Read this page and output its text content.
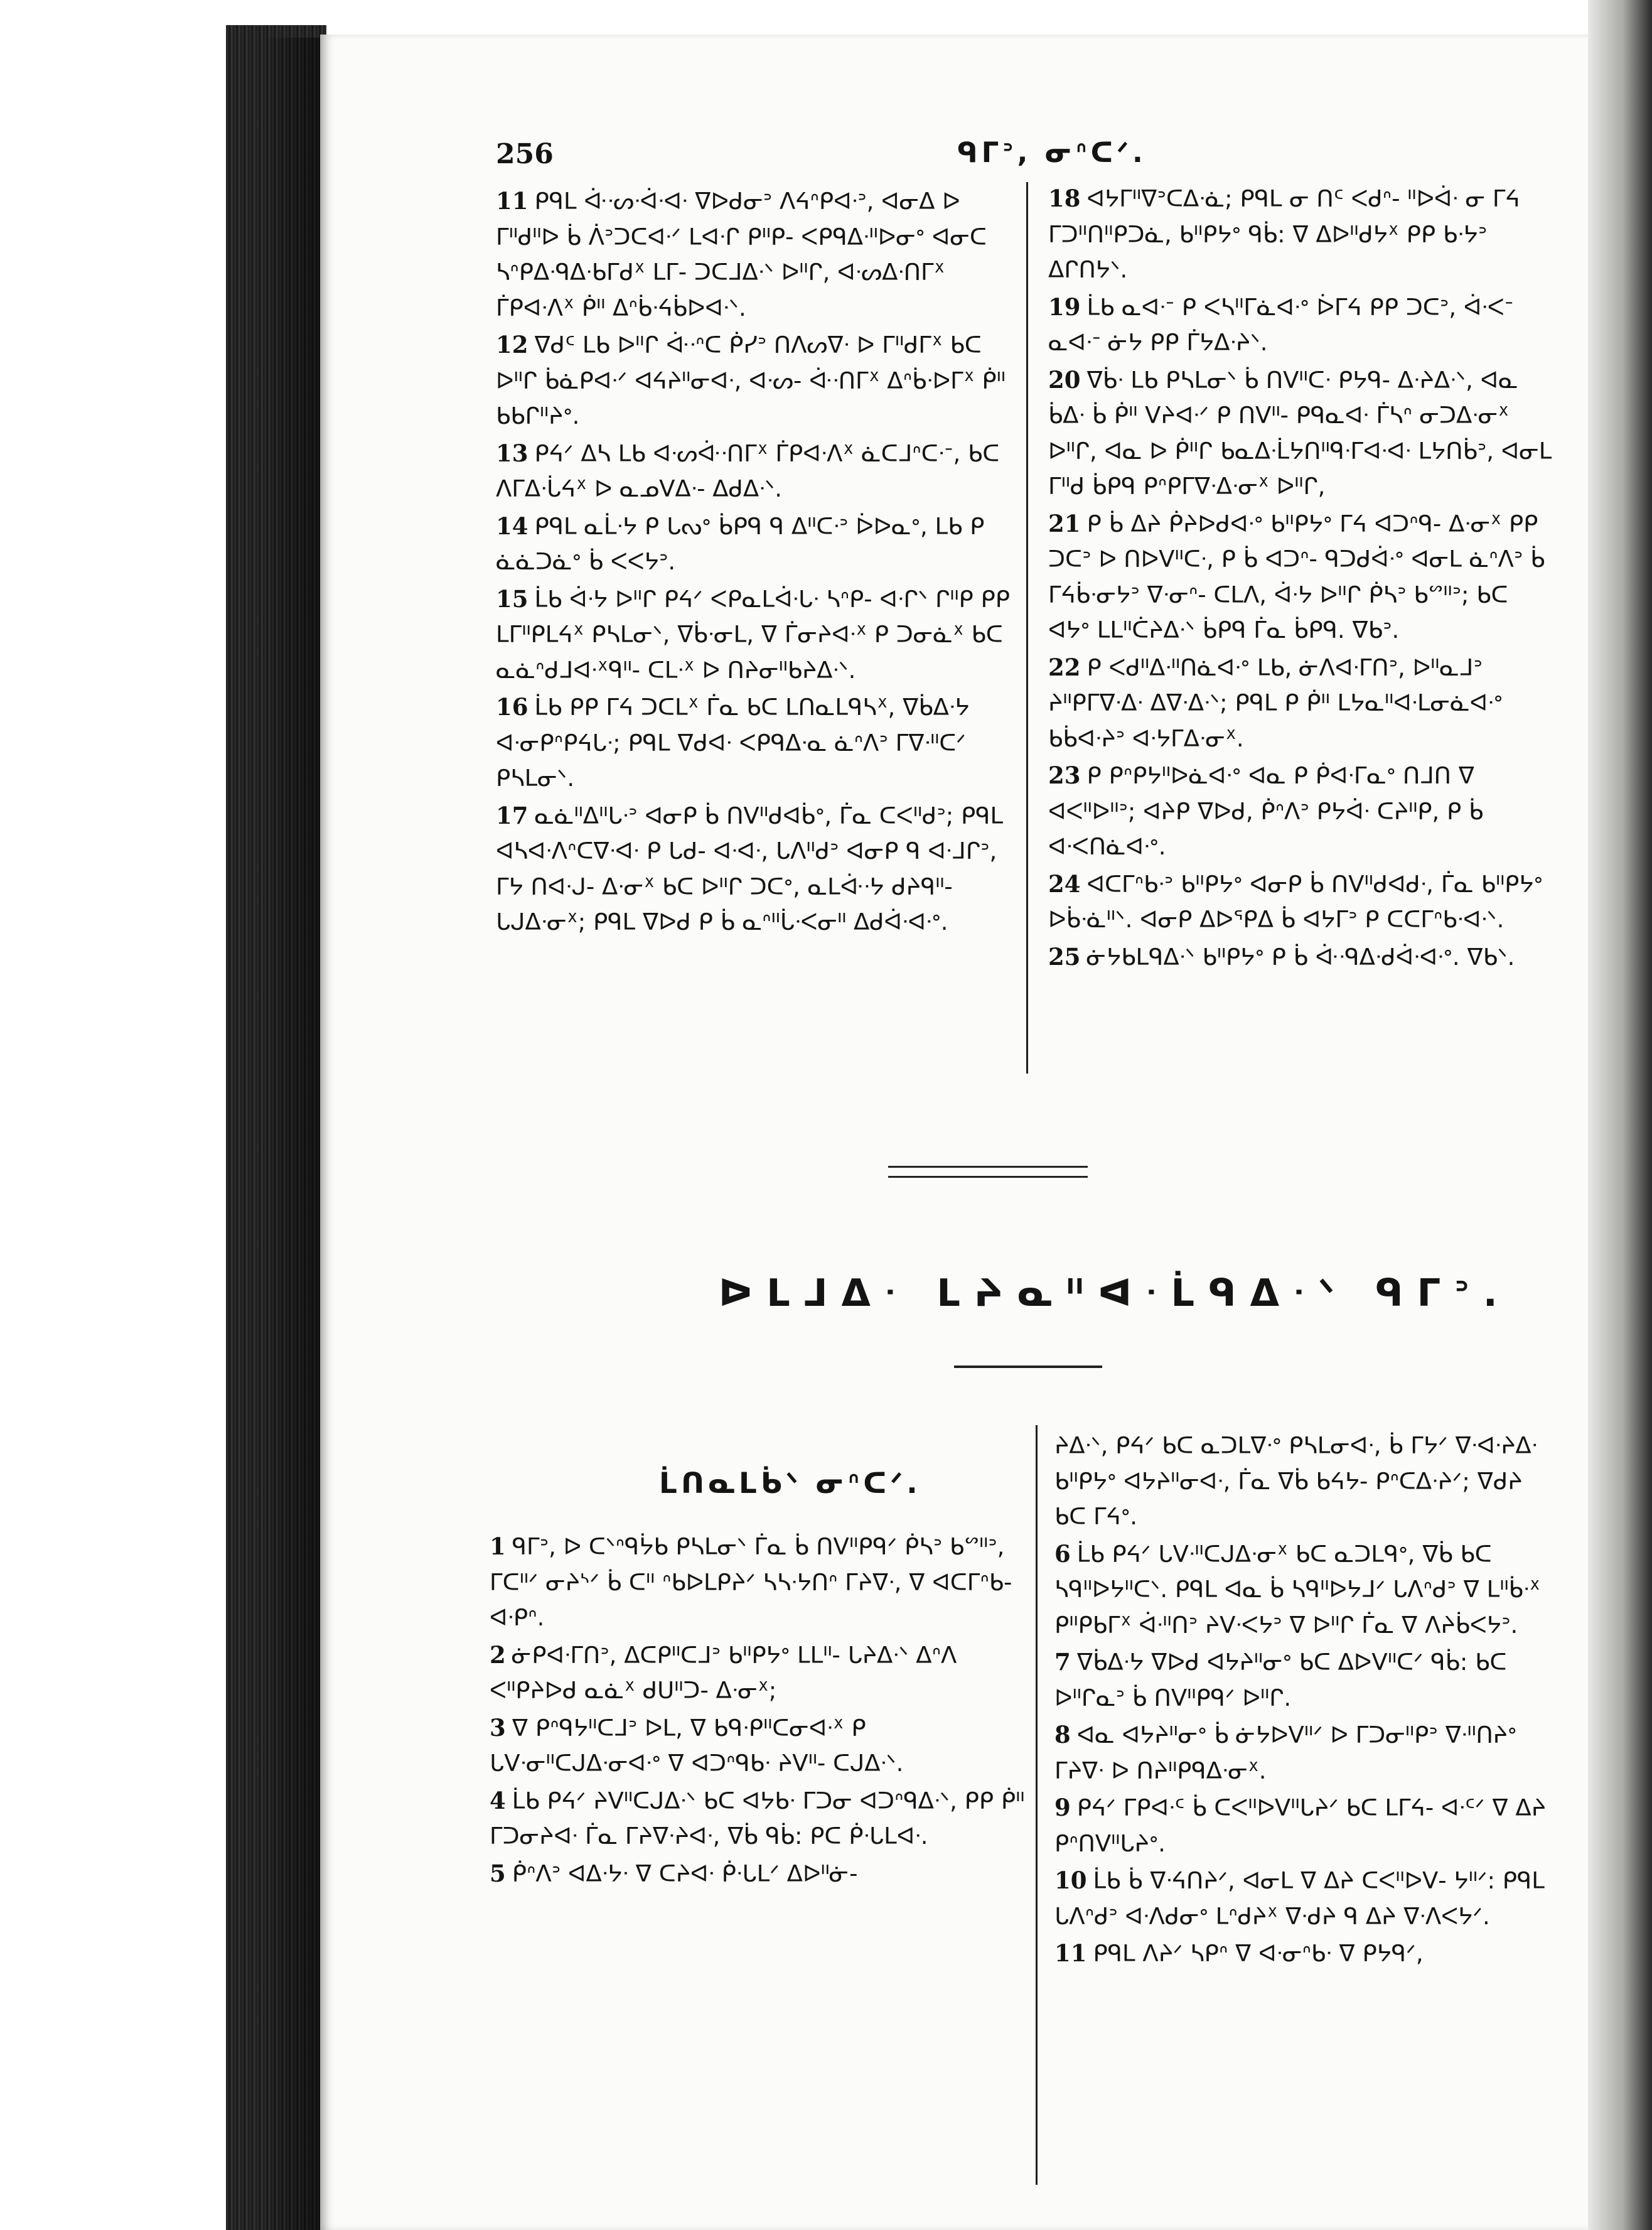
256	ᑫᒥᐣ, ᓂᐢᑕᐟ.

11 ᑭᑫᒪ ᐚᐧᔕᐧᐋᐧᐊᐧ ᐁᐅᑯᓂᐣ ᐱᔦᐢᑭᐊᐧᐣ, ᐊᓂᐃ ᐅ ᒥᐦᑯᐦᐅ ᑳ ᐲᐣᑐᑕᐊᐧᐟ ᒪᐊᐧᒋ ᑭᐦᑭ- ᐸᑭᑫᐃᐧᐦᐅᓂᐤ ᐊᓂᑕ ᓴᐢᑭᐃᐧᑫᐃᐧᑲᒥᑯᕽ ᒪᒥ- ᑐᑕᒧᐃᐧᐠ ᐅᐦᒋ, ᐊᐧᔕᐃᐧᑎᒥᕽ ᒦᑭᐊᐧᐱᕽ ᑮᐦ ᐃᐢᑳᐧᔦᑳᐅᐊᐧᐠ.

12 ᐁᑯᑦ ᒪᑲ ᐅᐦᒋ ᐚᐧᐢᑕ ᑮᓯᐣ ᑎᐱᔕᐁᐧ ᐅ ᒥᐦᑯᒥᕽ ᑲᑕ ᐅᐦᒋ ᑳᓈᑭᐊᐧᐟ ᐊᔦᔨᐦᓂᐊᐧ, ᐊᐧᔕ- ᐚᐧᑎᒥᕽ ᐃᐢᑳᐧᐅᒥᕽ ᑮᐦ ᑲᑲᒋᐦᔨᐤ.

13 ᑭᔦᐟ ᐃᓴ ᒪᑲ ᐊᐧᔕᐚᐧᑎᒥᕽ ᒦᑭᐊᐧᐱᕽ ᓈᑕᒧᐢᑕᐧᐨ, ᑲᑕ ᐱᒥᐃᐧᒑᔦᕽ ᐅ ᓇᓄᐯᐃᐧ- ᐃᑯᐃᐧᐠ.

14 ᑭᑫᒪ ᓇᒫᐧᔭ ᑭ ᒐᔓᐤ ᑳᑭᑫ ᑫ ᐃᐦᑕᐧᐣ ᐆᐅᓇᐤ, ᒪᑲ ᑭ ᓈᓈᑐᓈᐤ ᑳ ᐸᐸᔭᐣ.

15 ᒫᑲ ᐋᐧᔭ ᐅᐦᒋ ᑭᔦᐟ ᐸᑭᓇᒪᐋᐧᒐᐧ ᓴᐢᑭ- ᐊᐧᒋᐠ ᒋᐦᑭ ᑭᑭ ᒪᒥᐦᑭᒪᔦᕽ ᑭᓴᒪᓂᐠ, ᐁᑳᐧᓂᒪ, ᐁ ᒦᓂᔨᐊᐧᕽ ᑭ ᑐᓂᓈᕽ ᑲᑕ ᓇᓈᐢᑯᒧᐊᐧᕽᑫᐦ- ᑕᒪᐧᕽ ᐅ ᑎᔨᓂᐦᑲᔨᐃᐧᐠ.

16 ᒫᑲ ᑭᑭ ᒥᔦ ᑐᑕᒪᕽ ᒦᓇ ᑲᑕ ᒪᑎᓇᒪᑫᓴᕽ, ᐁᑳᐃᐧᔭ ᐊᐧᓂᑭᐢᑭᔦᒐᐧ; ᑭᑫᒪ ᐁᑯᐊᐧ ᐸᑭᑫᐃᐧᓇ ᓈᐢᐱᐣ ᒥᐁᐧᐦᑕᐟ ᑭᓴᒪᓂᐠ.

17 ᓇᓈᐦᐃᐦᒐᐧᐣ ᐊᓂᑭ ᑳ ᑎᐯᐦᑯᐊᑳᐤ, ᒦᓇ ᑕᐸᐦᑯᐣ; ᑭᑫᒪ ᐊᓴᐊᐧᐱᐢᑕᐁᐧᐊᐧ ᑭ ᒐᑯ- ᐊᐧᐊᐧ, ᒐᐱᐦᑯᐣ ᐊᓂᑭ ᑫ ᐊᐧᒧᒋᐣ, ᒥᔭ ᑎᐊᐧᒍ- ᐃᐧᓂᕽ ᑲᑕ ᐅᐦᒋ ᑐᑕᐤ, ᓇᒪᐚᐧᔭ ᑯᔨᑫᐦ- ᒐᒍᐃᐧᓂᕽ; ᑭᑫᒪ ᐁᐅᑯ ᑭ ᑳ ᓇᐢᐦᒑᐧᐸᓂᐦ ᐃᑯᐋᐧᐊᐧᐤ.

18 ᐊᔭᒥᐦᐁᐣᑕᐃᐧᓈ; ᑭᑫᒪ ᓂ ᑎᑦ ᐸᑯᐢ- ᐦᐅᐋᐧ ᓂ ᒥᔦ ᒥᑐᐦᑎᐦᑭᑐᓈ, ᑲᐦᑭᔭᐤ ᑫᑳ: ᐁ ᐃᐅᐦᑯᔭᕽ ᑭᑭ ᑲᐧᔭᐣ ᐃᒋᑎᔭᐠ.

19 ᒫᑲ ᓇᐊᐧᐨ ᑭ ᐸᓴᐦᒥᓈᐊᐧᐤ ᐆᒥᔦ ᑭᑭ ᑐᑕᐣ, ᐋᐧᐸᐨ ᓇᐊᐧᐨ ᓃᔭ ᑭᑭ ᒦᔭᐃᐧᔨᐠ.

20 ᐁᑳᐧ ᒪᑲ ᑭᓴᒪᓂᐠ ᑳ ᑎᐯᐦᑕᐧ ᑭᔭᑫ- ᐃᐧᔨᐃᐧᐠ, ᐊᓇ ᑳᐃᐧ ᑳ ᑮᐦ ᐯᔨᐊᐧᐟ ᑭ ᑎᐯᐦ- ᑭᑫᓇᐊᐧ ᒦᓴᐢ ᓂᑐᐃᐧᓂᕽ ᐅᐦᒋ, ᐊᓇ ᐅ ᑮᐦᒋ ᑲᓇᐃᐧᒫᔭᑎᐦᑫᐧᒥᐊᐧᐊᐧ ᒪᔭᑎᑳᐣ, ᐊᓂᒪ ᒥᐦᑯ ᑳᑭᑫ ᑭᐢᑭᒥᐁᐧᐃᐧᓂᕽ ᐅᐦᒋ,

21 ᑭ ᑳ ᐃᔨ ᑮᔨᐅᑯᐊᐧᐤ ᑲᐦᑭᔭᐤ ᒥᔦ ᐊᑐᐢᑫ- ᐃᐧᓂᕽ ᑭᑭ ᑐᑕᐣ ᐅ ᑎᐅᐯᐦᑕᐧ, ᑭ ᑳ ᐊᑐᐢ- ᑫᑐᑯᐋᐧᐤ ᐊᓂᒪ ᓈᐢᐱᐣ ᑳ ᒥᔦᑳᐧᓂᔭᐣ ᐁᐧᓂᐢ- ᑕᒪᐱ, ᐋᐧᔭ ᐅᐦᒋ ᑮᓴᐣ ᑲᔥᐦᐣ; ᑲᑕ ᐊᔭᐤ ᒪᒪᐦᑖᔨᐃᐧᐠ ᑳᑭᑫ ᒦᓇ ᑳᑭᑫ. ᐁᑲᐣ.

22 ᑭ ᐸᑯᐦᐃᐧᐦᑎᓈᐊᐧᐤ ᒪᑲ, ᓃᐱᐊᐧᒥᑎᐣ, ᐅᐦᓇᒧᐣ ᔨᐦᑭᒥᐁᐧᐃᐧ ᐃᐁᐧᐃᐧᐠ; ᑭᑫᒪ ᑭ ᑮᐦ ᒪᔭᓇᐦᐊᐧᒪᓂᓈᐊᐧᐤ ᑲᑳᐊᐧᔨᐣ ᐊᐧᔭᒥᐃᐧᓂᕽ.

23 ᑭ ᑭᐢᑭᔭᐦᐅᓈᐊᐧᐤ ᐊᓇ ᑭ ᑮᐊᐧᒥᓇᐤ ᑎᒧᑎ ᐁ ᐊᐸᐦᐅᐦᐣ; ᐊᔨᑭ ᐁᐅᑯ, ᑮᐢᐱᐣ ᑭᔭᐋᐧ ᑕᔨᐦᑭ, ᑭ ᑳ ᐊᐧᐸᑎᓈᐊᐧᐤ.

24 ᐊᑕᒥᐢᑲᐧᐣ ᑲᐦᑭᔭᐤ ᐊᓂᑭ ᑳ ᑎᐯᐦᑯᐊᑯᐧ, ᒦᓇ ᑲᐦᑭᔭᐤ ᐅᑳᐧᓈᐦᐠ. ᐊᓂᑭ ᐃᐅᕿᐃ ᑳ ᐊᔭᒥᐣ ᑭ ᑕᑕᒥᐢᑲᐧᐊᐧᐠ.

25 ᓃᔭᑲᒪᑫᐃᐧᐠ ᑲᐦᑭᔭᐤ ᑭ ᑳ ᐚᐧᑫᐃᐧᑯᐋᐧᐊᐧᐤ. ᐁᑲᐠ.

ᐅᒪᒧᐃᐧ ᒪᔨᓇᐦᐊᐧᒫᑫᐃᐧᐠ ᑫᒥᐣ.
ᒫᑎᓇᒪᑳᐠ ᓂᐢᑕᐟ.

1 ᑫᒥᐣ, ᐅ ᑕᐠᐢᑫᔮᑲ ᑭᓴᒪᓂᐠ ᒦᓇ ᑳ ᑎᐯᐦᑭᑫᐟ ᑮᓴᐣ ᑲᔥᐦᐣ, ᒥᑕᐦᐟ ᓂᔨᔅᐟ ᑳ ᑕᐦ ᐢᑲᐅᒪᑭᔨᐟ ᓴᓴᐧᔭᑎᐢ ᒥᔨᐁᐧ, ᐁ ᐊᑕᒥᐢᑲ- ᐊᐧᑭᐢ.

2 ᓃᑭᐊᐧᒥᑎᐣ, ᐃᑕᑭᐦᑕᒧᐣ ᑲᐦᑭᔭᐤ ᒪᒪᐦ- ᒐᔨᐃᐧᐠ ᐃᐢᐱ ᐸᐦᑭᔨᐅᑯ ᓇᓈᕽ ᑯᑌᐦᑐ- ᐃᐧᓂᕽ;

3 ᐁ ᑭᐢᑫᔭᐦᑕᒧᐣ ᐅᒪ, ᐁ ᑲᑫᐧᑭᐦᑕᓂᐊᐧᕽ ᑭ ᒐᐯᐧᓂᐦᑕᒍᐃᐧᓂᐊᐧᐤ ᐁ ᐊᑐᐢᑫᑲᐧ ᔨᐯᐦ- ᑕᒍᐃᐧᐠ.

4 ᒫᑲ ᑭᔦᐟ ᔨᐯᐦᑕᒍᐃᐧᐠ ᑲᑕ ᐊᔭᑲᐧ ᒥᑐᓂ ᐊᑐᐢᑫᐃᐧᐠ, ᑭᑭ ᑮᐦ ᒥᑐᓂᔨᐊᐧ ᒦᓇ ᒥᔨᐁᐧᔨᐊᐧ, ᐁᑳ ᑫᑳ: ᑭᑕ ᑮᐧᒐᒪᐊᐧ.

5 ᑮᐢᐱᐣ ᐊᐃᐧᔭᐧ ᐁ ᑕᔨᐊᐧ ᑮᐧᒐᒪᐟ ᐃᐅᐦᓃ-

ᔨᐃᐧᐠ, ᑭᔦᐟ ᑲᑕ ᓇᑐᒪᐁᐧᐤ ᑭᓴᒪᓂᐊᐧ, ᑳ ᒥᔭᐟ ᐁᐧᐊᐧᔨᐃᐧ ᑲᐦᑭᔭᐤ ᐊᔭᔨᐦᓂᐊᐧ, ᒦᓇ ᐁᑳ ᑲᔦᔭ- ᑭᐢᑕᐃᐧᔨᐟ; ᐁᑯᔨ ᑲᑕ ᒥᔦᐤ.

6 ᒫᑲ ᑭᔦᐟ ᒐᐯᐧᐦᑕᒍᐃᐧᓂᕽ ᑲᑕ ᓇᑐᒪᑫᐤ, ᐁᑳ ᑲᑕ ᓴᑫᐦᐅᔭᐦᑕᐠ. ᑭᑫᒪ ᐊᓇ ᑳ ᓴᑫᐦᐅᔭᒧᐟ ᒐᐱᐢᑯᐣ ᐁ ᒪᐦᑳᐧᕽ ᑭᐦᑭᑲᒥᕽ ᐋᐧᐦᑎᐣ ᔨᐯᐧᐸᔭᐣ ᐁ ᐅᐦᒋ ᒦᓇ ᐁ ᐱᔨᑳᐸᔭᐣ.

7 ᐁᑳᐃᐧᔭ ᐁᐅᑯ ᐊᔭᔨᐦᓂᐤ ᑲᑕ ᐃᐅᐯᐦᑕᐟ ᑫᑳ: ᑲᑕ ᐅᐦᒋᓇᐣ ᑳ ᑎᐯᐦᑭᑫᐟ ᐅᐦᒋ.

8 ᐊᓇ ᐊᔭᔨᐦᓂᐤ ᑳ ᓃᔭᐅᐯᐦᐟ ᐅ ᒥᑐᓂᐦᑭᐣ ᐁᐧᐦᑎᔨᐤ ᒥᔨᐁᐧ ᐅ ᑎᔨᐦᑭᑫᐃᐧᓂᕽ.

9 ᑭᔦᐟ ᒥᑭᐊᐧᑦ ᑳ ᑕᐸᐦᐅᐯᐦᒐᔨᐟ ᑲᑕ ᒪᒥᔦ- ᐊᐧᑦᐟ ᐁ ᐃᔨ ᑭᐢᑎᐯᐦᒐᔨᐤ.

10 ᒫᑲ ᑳ ᐁᐧᔦᑎᔨᐟ, ᐊᓂᒪ ᐁ ᐃᔨ ᑕᐸᐦᐅᐯ- ᔭᐦᐟ: ᑭᑫᒪ ᒐᐱᐢᑯᐣ ᐊᐧᐱᑯᓂᐤ ᒪᐢᑯᔨᕽ ᐁᐧᑯᔨ ᑫ ᐃᔨ ᐁᐧᐱᐸᔭᐟ.

11 ᑭᑫᒪ ᐱᔨᐟ ᓴᑭᐢ ᐁ ᐊᐧᓂᐢᑲᐧ ᐁ ᑭᔭᑫᐟ,
